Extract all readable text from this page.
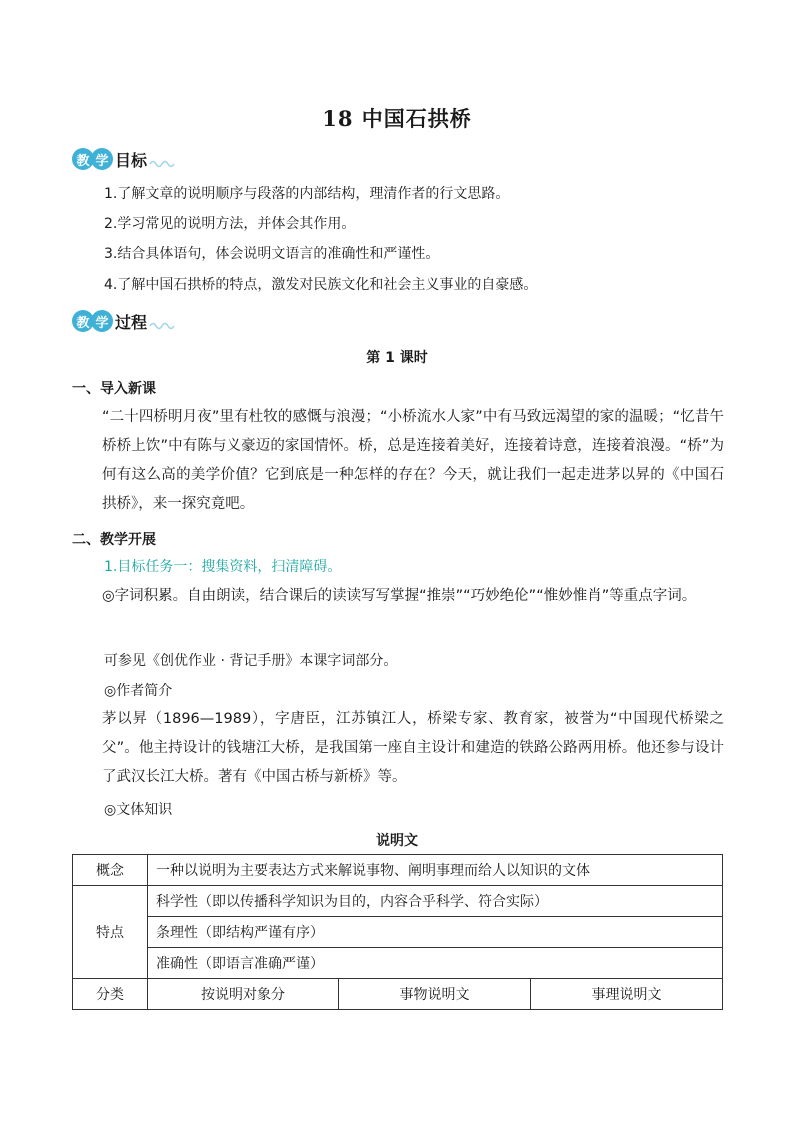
18 中国石拱桥
教 学 目标
1.了解文章的说明顺序与段落的内部结构，理清作者的行文思路。
2.学习常见的说明方法，并体会其作用。
3.结合具体语句，体会说明文语言的准确性和严谨性。
4.了解中国石拱桥的特点，激发对民族文化和社会主义事业的自豪感。
教 学 过程
第 1 课时
一、导入新课
“二十四桥明月夜”里有杜牧的感慨与浪漫；“小桥流水人家”中有马致远渴望的家的温暖；“忆昔午桥桥上饮”中有陈与义豪迈的家国情怀。桥，总是连接着美好，连接着诗意，连接着浪漫。“桥”为何有这么高的美学价值？它到底是一种怎样的存在？今天，就让我们一起走进茅以昇的《中国石拱桥》，来一探究竟吧。
二、教学开展
1.目标任务一：搜集资料，扫清障碍。
◎字词积累。自由朗读，结合课后的读读写写掌握“推崇”“巧妙绝伦”“惟妙惟肖”等重点字词。
可参见《创优作业 · 背记手册》本课字词部分。
◎作者简介
茅以昇（1896—1989），字唐臣，江苏镇江人，桥梁专家、教育家，被誉为“中国现代桥梁之父”。他主持设计的钱塘江大桥，是我国第一座自主设计和建造的铁路公路两用桥。他还参与设计了武汉长江大桥。著有《中国古桥与新桥》等。
◎文体知识
说明文
概念	一种以说明为主要表达方式来解说事物、阐明事理而给人以知识的文体		
特点	科学性（即以传播科学知识为目的，内容合乎科学、符合实际）		
	条理性（即结构严谨有序）		
	准确性（即语言准确严谨）		
分类	按说明对象分	事物说明文	事理说明文
